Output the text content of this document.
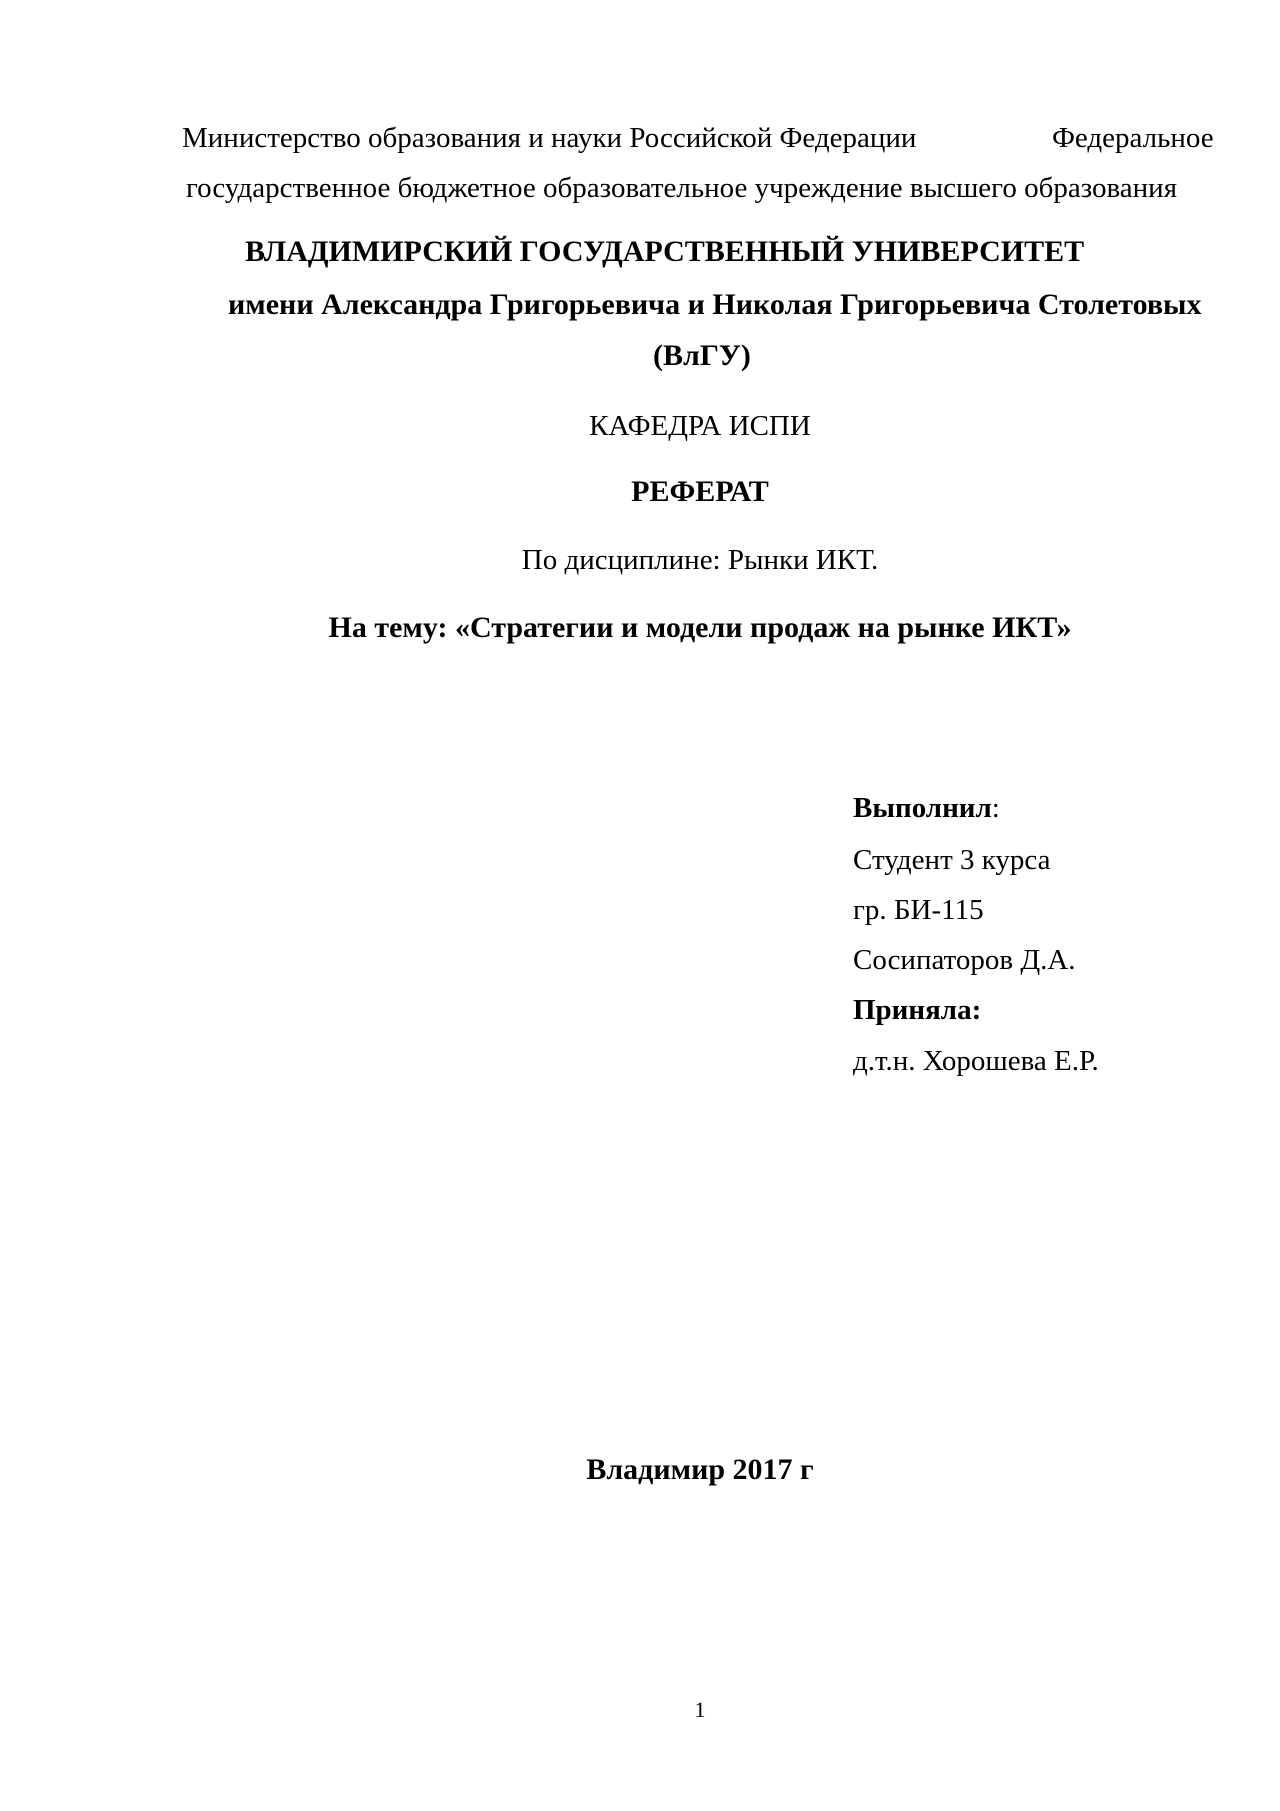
Министерство образования и науки Российской Федерации	Федеральное
государственное бюджетное образовательное учреждение высшего образования
ВЛАДИМИРСКИЙ ГОСУДАРСТВЕННЫЙ УНИВЕРСИТЕТ
имени Александра Григорьевича и Николая Григорьевича Столетовых
(ВлГУ)
КАФЕДРА ИСПИ
РЕФЕРАТ
По дисциплине: Рынки ИКТ.
На тему: «Стратегии и модели продаж на рынке ИКТ»
Выполнил:
Студент 3 курса
гр. БИ-115
Сосипаторов Д.А.
Приняла:
д.т.н. Хорошева Е.Р.
Владимир 2017 г
1
